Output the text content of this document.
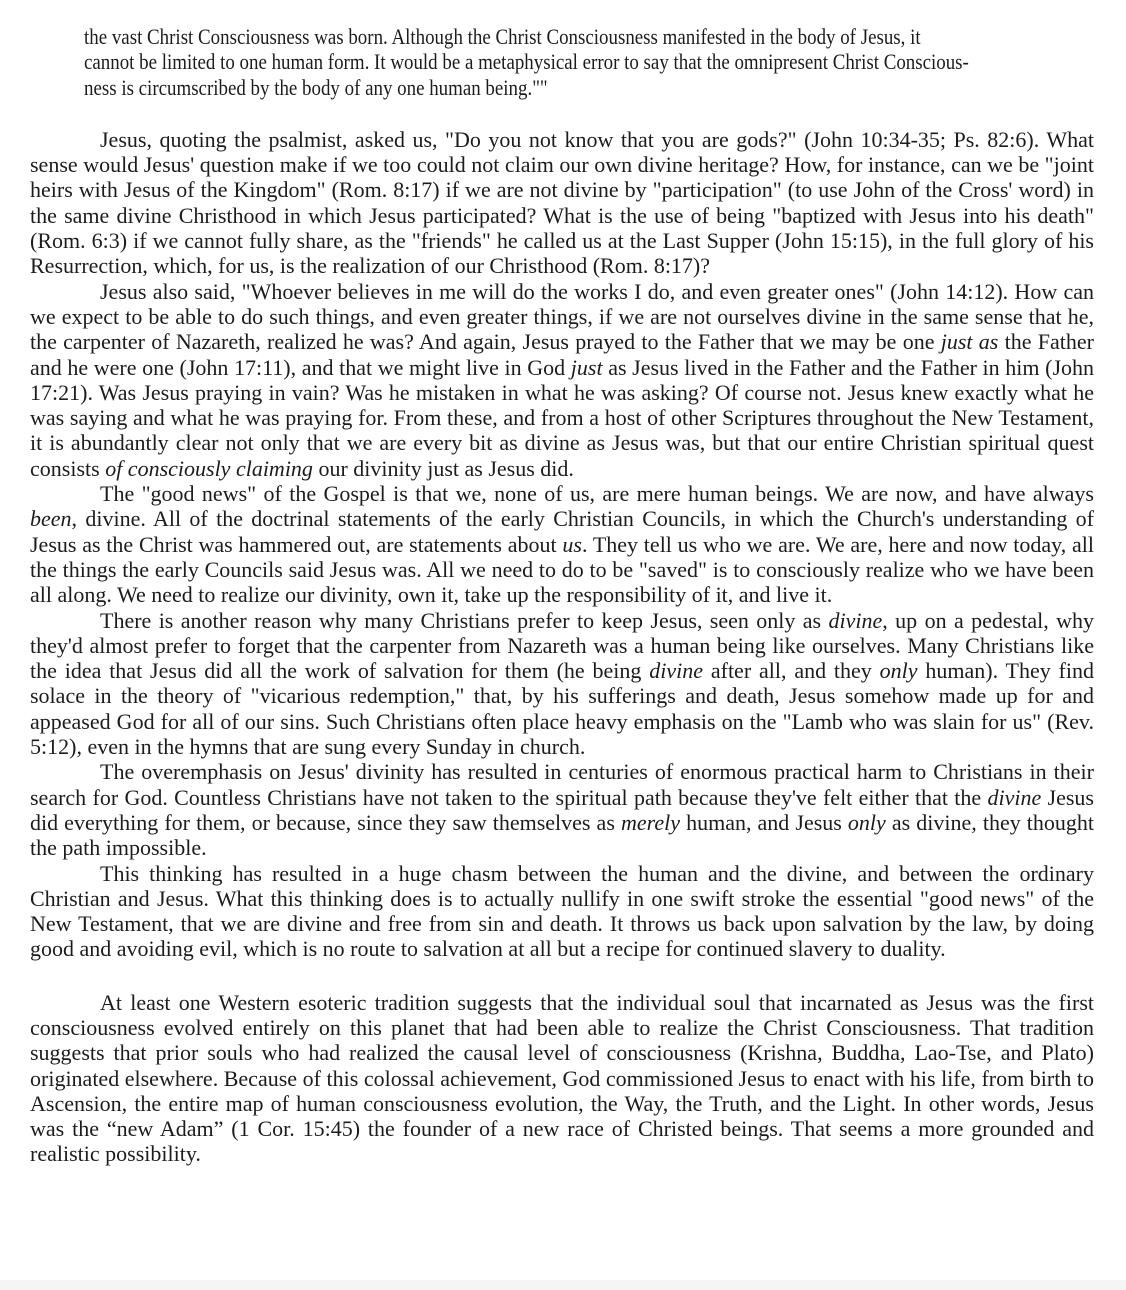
the vast Christ Consciousness was born. Although the Christ Consciousness manifested in the body of Jesus, it
cannot be limited to one human form. It would be a metaphysical error to say that the omnipresent Christ Conscious-
ness is circumscribed by the body of any one human being.""

Jesus, quoting the psalmist, asked us, "Do you not know that you are gods?" (John 10:34-35; Ps. 82:6). What sense would Jesus' question make if we too could not claim our own divine heritage? How, for instance, can we be "joint heirs with Jesus of the Kingdom" (Rom. 8:17) if we are not divine by "participation" (to use John of the Cross' word) in the same divine Christhood in which Jesus participated? What is the use of being "baptized with Jesus into his death" (Rom. 6:3) if we cannot fully share, as the "friends" he called us at the Last Supper (John 15:15), in the full glory of his Resurrection, which, for us, is the realization of our Christhood (Rom. 8:17)?

Jesus also said, "Whoever believes in me will do the works I do, and even greater ones" (John 14:12). How can we expect to be able to do such things, and even greater things, if we are not ourselves divine in the same sense that he, the carpenter of Nazareth, realized he was? And again, Jesus prayed to the Father that we may be one just as the Father and he were one (John 17:11), and that we might live in God just as Jesus lived in the Father and the Father in him (John 17:21). Was Jesus praying in vain? Was he mistaken in what he was asking? Of course not. Jesus knew exactly what he was saying and what he was praying for. From these, and from a host of other Scriptures throughout the New Testament, it is abundantly clear not only that we are every bit as divine as Jesus was, but that our entire Christian spiritual quest consists of consciously claiming our divinity just as Jesus did.

The "good news" of the Gospel is that we, none of us, are mere human beings. We are now, and have always been, divine. All of the doctrinal statements of the early Christian Councils, in which the Church's understanding of Jesus as the Christ was hammered out, are statements about us. They tell us who we are. We are, here and now today, all the things the early Councils said Jesus was. All we need to do to be "saved" is to consciously realize who we have been all along. We need to realize our divinity, own it, take up the responsibility of it, and live it.

There is another reason why many Christians prefer to keep Jesus, seen only as divine, up on a pedestal, why they'd almost prefer to forget that the carpenter from Nazareth was a human being like ourselves. Many Christians like the idea that Jesus did all the work of salvation for them (he being divine after all, and they only human). They find solace in the theory of "vicarious redemption," that, by his sufferings and death, Jesus somehow made up for and appeased God for all of our sins. Such Christians often place heavy emphasis on the "Lamb who was slain for us" (Rev. 5:12), even in the hymns that are sung every Sunday in church.

The overemphasis on Jesus' divinity has resulted in centuries of enormous practical harm to Christians in their search for God. Countless Christians have not taken to the spiritual path because they've felt either that the divine Jesus did everything for them, or because, since they saw themselves as merely human, and Jesus only as divine, they thought the path impossible.

This thinking has resulted in a huge chasm between the human and the divine, and between the ordinary Christian and Jesus. What this thinking does is to actually nullify in one swift stroke the essential "good news" of the New Testament, that we are divine and free from sin and death. It throws us back upon salvation by the law, by doing good and avoiding evil, which is no route to salvation at all but a recipe for continued slavery to duality.

At least one Western esoteric tradition suggests that the individual soul that incarnated as Jesus was the first consciousness evolved entirely on this planet that had been able to realize the Christ Consciousness. That tradition suggests that prior souls who had realized the causal level of consciousness (Krishna, Buddha, Lao-Tse, and Plato) originated elsewhere. Because of this colossal achievement, God commissioned Jesus to enact with his life, from birth to Ascension, the entire map of human consciousness evolution, the Way, the Truth, and the Light. In other words, Jesus was the “new Adam” (1 Cor. 15:45) the founder of a new race of Christed beings. That seems a more grounded and realistic possibility.
